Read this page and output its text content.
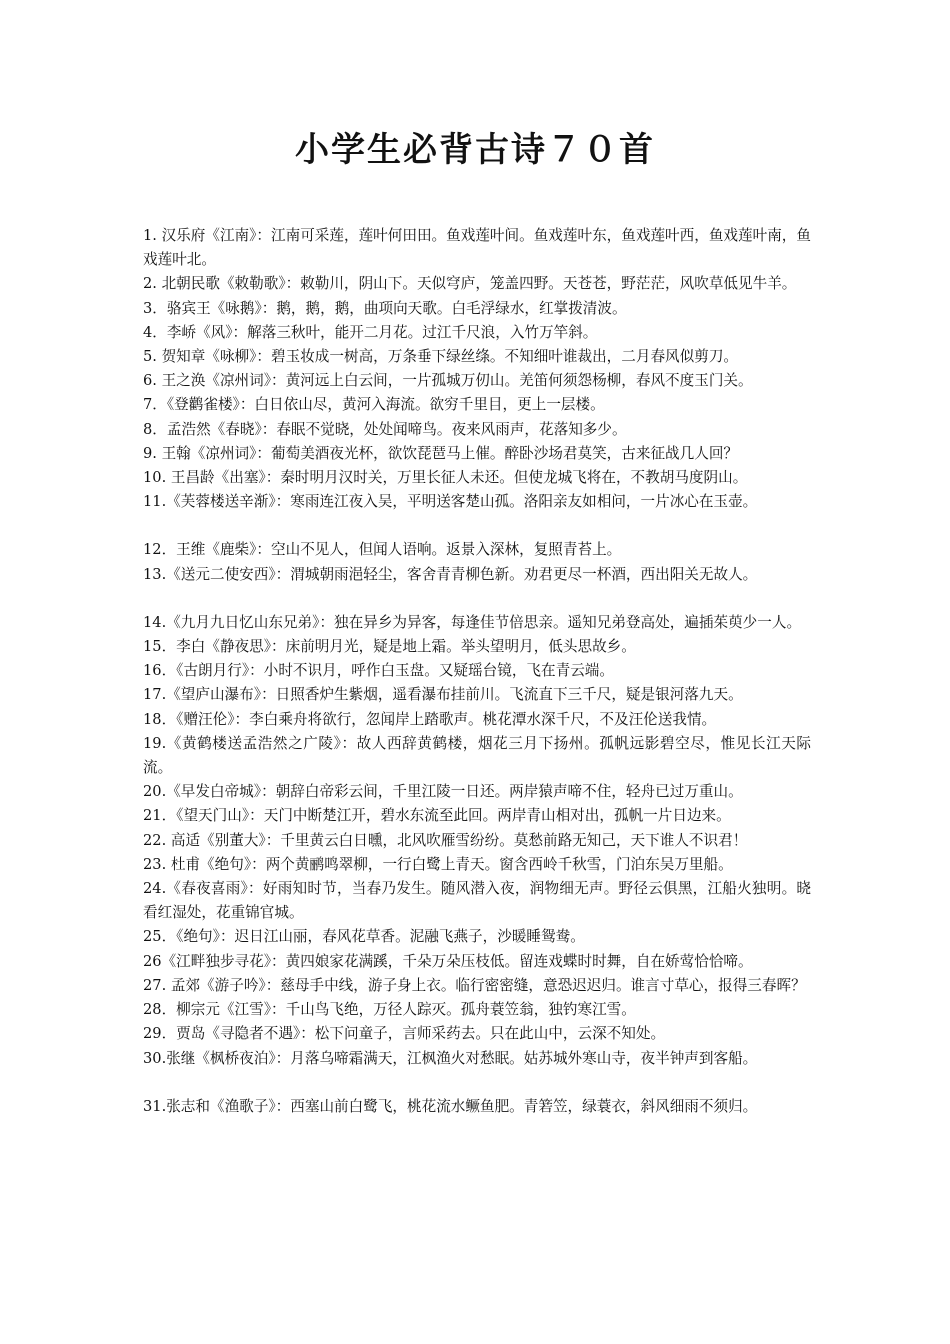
小学生必背古诗７０首

1. 汉乐府《江南》：江南可采莲，莲叶何田田。鱼戏莲叶间。鱼戏莲叶东，鱼戏莲叶西，鱼戏莲叶南，鱼戏莲叶北。

2. 北朝民歌《敕勒歌》：敕勒川，阴山下。天似穹庐，笼盖四野。天苍苍，野茫茫，风吹草低见牛羊。

3．骆宾王《咏鹅》：鹅，鹅，鹅，曲项向天歌。白毛浮绿水，红掌拨清波。

4．李峤《风》：解落三秋叶，能开二月花。过江千尺浪，入竹万竿斜。

5. 贺知章《咏柳》：碧玉妆成一树高，万条垂下绿丝绦。不知细叶谁裁出，二月春风似剪刀。

6. 王之涣《凉州词》：黄河远上白云间，一片孤城万仞山。羌笛何须怨杨柳，春风不度玉门关。

7．《登鹳雀楼》：白日依山尽，黄河入海流。欲穷千里目，更上一层楼。

8．孟浩然《春晓》：春眠不觉晓，处处闻啼鸟。夜来风雨声，花落知多少。

9. 王翰《凉州词》：葡萄美酒夜光杯，欲饮琵琶马上催。醉卧沙场君莫笑，古来征战几人回？

10. 王昌龄《出塞》：秦时明月汉时关，万里长征人未还。但使龙城飞将在，不教胡马度阴山。

11.《芙蓉楼送辛渐》：寒雨连江夜入吴，平明送客楚山孤。洛阳亲友如相问，一片冰心在玉壶。

12．王维《鹿柴》：空山不见人，但闻人语响。返景入深林，复照青苔上。

13.《送元二使安西》：渭城朝雨浥轻尘，客舍青青柳色新。劝君更尽一杯酒，西出阳关无故人。

14.《九月九日忆山东兄弟》：独在异乡为异客，每逢佳节倍思亲。遥知兄弟登高处，遍插茱萸少一人。

15．李白《静夜思》：床前明月光，疑是地上霜。举头望明月，低头思故乡。

16．《古朗月行》：小时不识月，呼作白玉盘。又疑瑶台镜，飞在青云端。

17.《望庐山瀑布》：日照香炉生紫烟，遥看瀑布挂前川。飞流直下三千尺，疑是银河落九天。

18．《赠汪伦》：李白乘舟将欲行，忽闻岸上踏歌声。桃花潭水深千尺，不及汪伦送我情。

19.《黄鹤楼送孟浩然之广陵》：故人西辞黄鹤楼，烟花三月下扬州。孤帆远影碧空尽，惟见长江天际流。

20.《早发白帝城》：朝辞白帝彩云间，千里江陵一日还。两岸猿声啼不住，轻舟已过万重山。

21．《望天门山》：天门中断楚江开，碧水东流至此回。两岸青山相对出，孤帆一片日边来。

22. 高适《别董大》：千里黄云白日曛，北风吹雁雪纷纷。莫愁前路无知己，天下谁人不识君！

23. 杜甫《绝句》：两个黄鹂鸣翠柳，一行白鹭上青天。窗含西岭千秋雪，门泊东吴万里船。

24.《春夜喜雨》：好雨知时节，当春乃发生。随风潜入夜，润物细无声。野径云俱黑，江船火独明。晓看红湿处，花重锦官城。

25．《绝句》：迟日江山丽，春风花草香。泥融飞燕子，沙暖睡鸳鸯。

26《江畔独步寻花》：黄四娘家花满蹊，千朵万朵压枝低。留连戏蝶时时舞，自在娇莺恰恰啼。

27. 孟郊《游子吟》：慈母手中线，游子身上衣。临行密密缝，意恐迟迟归。谁言寸草心，报得三春晖？

28．柳宗元《江雪》：千山鸟飞绝，万径人踪灭。孤舟蓑笠翁，独钓寒江雪。

29．贾岛《寻隐者不遇》：松下问童子，言师采药去。只在此山中，云深不知处。

30.张继《枫桥夜泊》：月落乌啼霜满天，江枫渔火对愁眠。姑苏城外寒山寺，夜半钟声到客船。

31.张志和《渔歌子》：西塞山前白鹭飞，桃花流水鳜鱼肥。青箬笠，绿蓑衣，斜风细雨不须归。
